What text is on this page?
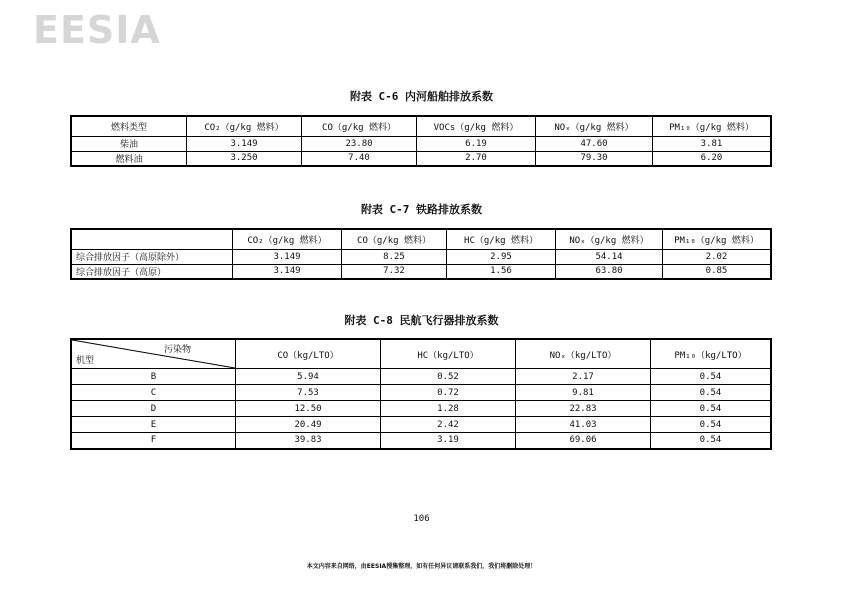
EESIA
附表 C-6 内河船舶排放系数
燃料类型	CO₂（g/kg 燃料）	CO（g/kg 燃料）	VOCs（g/kg 燃料）	NOₓ（g/kg 燃料）	PM₁₀（g/kg 燃料）
柴油	3.149	23.80	6.19	47.60	3.81
燃料油	3.250	7.40	2.70	79.30	6.20
附表 C-7 铁路排放系数
	CO₂（g/kg 燃料）	CO（g/kg 燃料）	HC（g/kg 燃料）	NOₓ（g/kg 燃料）	PM₁₀（g/kg 燃料）
综合排放因子（高原除外）	3.149	8.25	2.95	54.14	2.02
综合排放因子（高原）	3.149	7.32	1.56	63.80	0.85
附表 C-8 民航飞行器排放系数
污染物
机型	CO（kg/LTO）	HC（kg/LTO）	NOₓ（kg/LTO）	PM₁₀（kg/LTO）
B	5.94	0.52	2.17	0.54
C	7.53	0.72	9.81	0.54
D	12.50	1.28	22.83	0.54
E	20.49	2.42	41.03	0.54
F	39.83	3.19	69.06	0.54
106
本文内容来自网络，由EESIA搜集整理，如有任何异议请联系我们，我们将删除处理！
